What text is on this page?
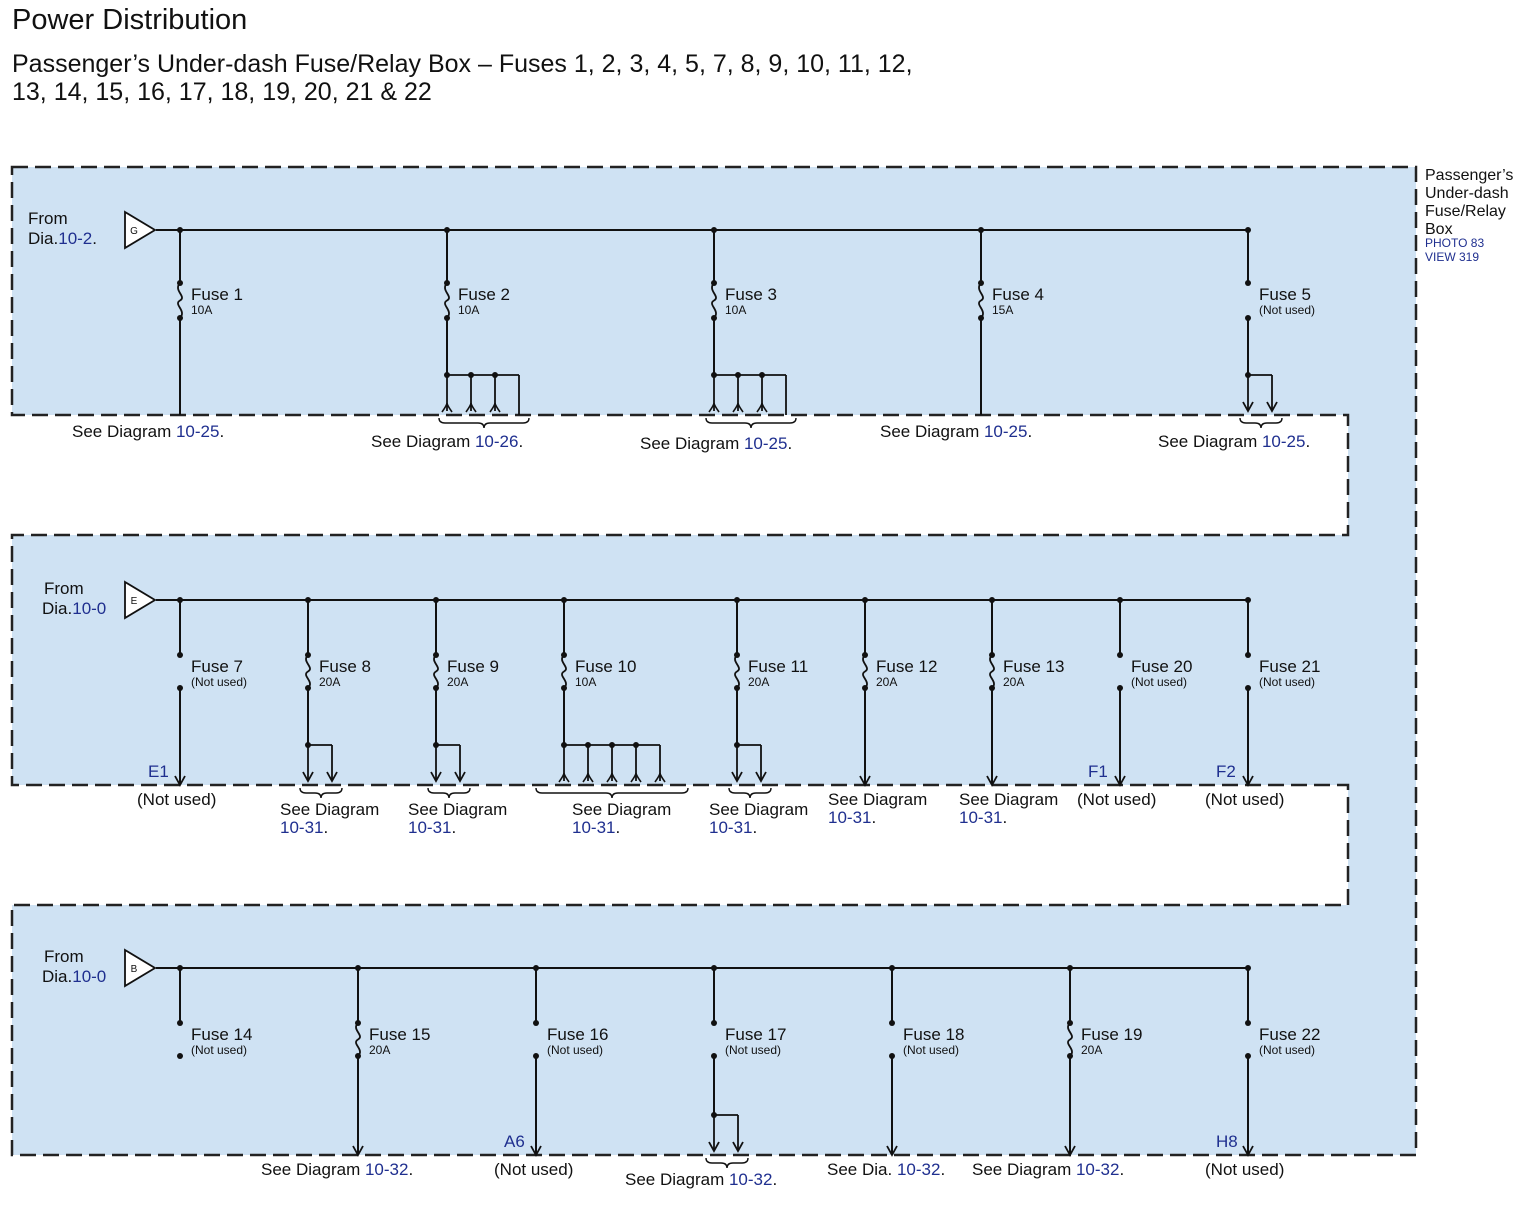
Power Distribution
Passenger’s Under-dash Fuse/Relay Box – Fuses 1, 2, 3, 4, 5, 7, 8, 9, 10, 11, 12,
13, 14, 15, 16, 17, 18, 19, 20, 21 & 22
Passenger’s
Under-dash
Fuse/Relay
Box
PHOTO 83
VIEW 319
From
Dia.10-2.	G
Fuse 1
10A
Fuse 2
10A
Fuse 3
10A
Fuse 4
15A
Fuse 5
(Not used)
See Diagram 10-25.
See Diagram 10-26.	See Diagram 10-25.
See Diagram 10-25.
See Diagram 10-25.
From
Dia.10-0 E
Fuse 7
(Not used)
E1
Fuse 8
20A
Fuse 9
20A
Fuse 10
10A
Fuse 11
20A
Fuse 12
20A
Fuse 13
20A
Fuse 20
(Not used)
F1
Fuse 21
(Not used)
F2
(Not used)
See Diagram
10-31.
See Diagram
10-31.
See Diagram
10-31.
See Diagram
10-31.
See Diagram
10-31.
See Diagram
10-31.
(Not used)	(Not used)
From
Dia.10-0 B
Fuse 14
(Not used)
Fuse 15
20A
Fuse 16
(Not used)
A6
Fuse 17
(Not used)
Fuse 18
(Not used)
Fuse 19
20A
Fuse 22
(Not used)
H8
See Diagram 10-32.	(Not used)
See Diagram 10-32.
See Dia. 10-32. See Diagram 10-32.	(Not used)
